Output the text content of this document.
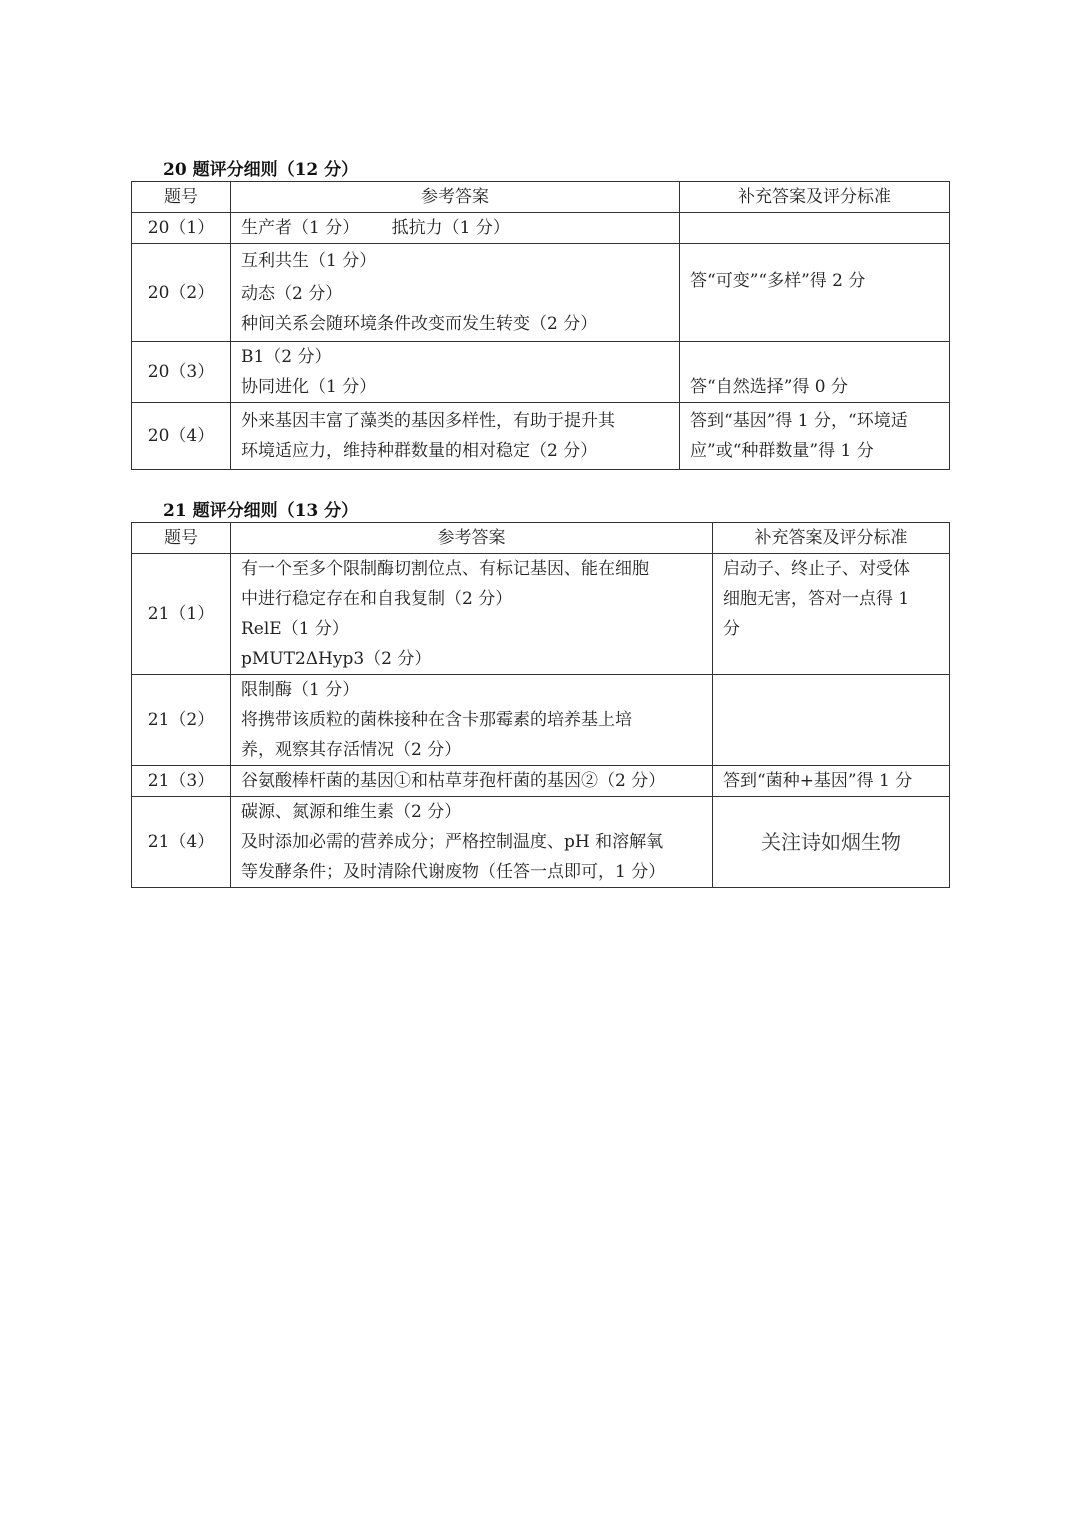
20 题评分细则（12 分）
题号	参考答案	补充答案及评分标准
20（1）	生产者（1 分）      抵抗力（1 分）	

20（2）	互利共生（1 分）
动态（2 分）
种间关系会随环境条件改变而发生转变（2 分）	答“可变”“多样”得 2 分

20（3）	B1（2 分）
协同进化（1 分）	答“自然选择”得 0 分

20（4）	外来基因丰富了藻类的基因多样性，有助于提升其
环境适应力，维持种群数量的相对稳定（2 分）	答到“基因”得 1 分，“环境适
应”或“种群数量”得 1 分
21 题评分细则（13 分）
题号	参考答案	补充答案及评分标准
21（1）	有一个至多个限制酶切割位点、有标记基因、能在细胞
中进行稳定存在和自我复制（2 分）
RelE（1 分）
pMUT2ΔHyp3（2 分）	启动子、终止子、对受体
细胞无害，答对一点得 1
分

21（2）	限制酶（1 分）
将携带该质粒的菌株接种在含卡那霉素的培养基上培
养，观察其存活情况（2 分）	

21（3）	谷氨酸棒杆菌的基因①和枯草芽孢杆菌的基因②（2 分）	答到“菌种+基因”得 1 分

21（4）	碳源、氮源和维生素（2 分）
及时添加必需的营养成分；严格控制温度、pH 和溶解氧
等发酵条件；及时清除代谢废物（任答一点即可，1 分）	关注诗如烟生物
